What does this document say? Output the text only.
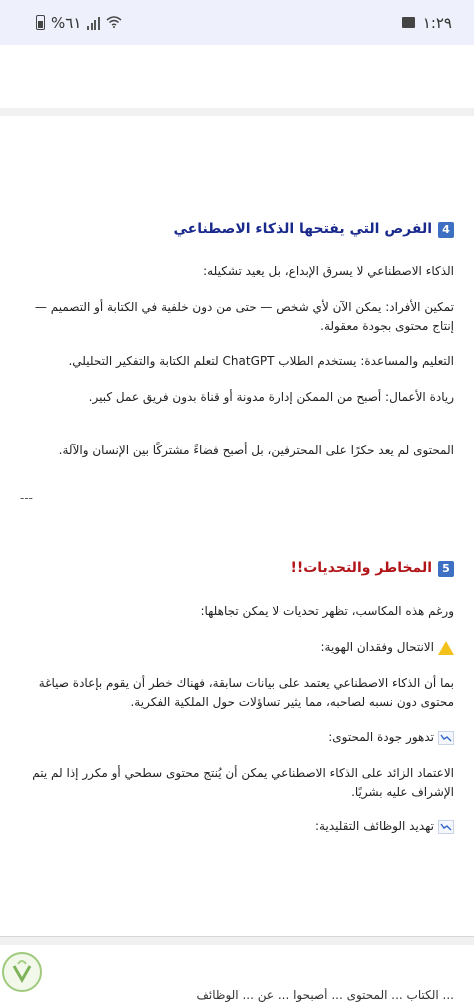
%٦١	١:٢٩
4
الفرص التي يفتحها الذكاء الاصطناعي

الذكاء الاصطناعي لا يسرق الإبداع، بل يعيد تشكيله:

تمكين الأفراد: يمكن الآن لأي شخص — حتى من دون خلفية في الكتابة أو التصميم — إنتاج محتوى بجودة معقولة.

التعليم والمساعدة: يستخدم الطلاب ChatGPT لتعلم الكتابة والتفكير التحليلي.

ريادة الأعمال: أصبح من الممكن إدارة مدونة أو قناة بدون فريق عمل كبير.

المحتوى لم يعد حكرًا على المحترفين، بل أصبح فضاءً مشتركًا بين الإنسان والآلة.

---
5
المخاطر والتحديات!!

ورغم هذه المكاسب، تظهر تحديات لا يمكن تجاهلها:

الانتحال وفقدان الهوية:

بما أن الذكاء الاصطناعي يعتمد على بيانات سابقة، فهناك خطر أن يقوم بإعادة صياغة محتوى دون نسبه لصاحبه، مما يثير تساؤلات حول الملكية الفكرية.

تدهور جودة المحتوى:

الاعتماد الزائد على الذكاء الاصطناعي يمكن أن يُنتج محتوى سطحي أو مكرر إذا لم يتم الإشراف عليه بشريًا.

تهديد الوظائف التقليدية:
... الكتاب ... المحتوى ... أصبحوا ... عن ... الوظائف
